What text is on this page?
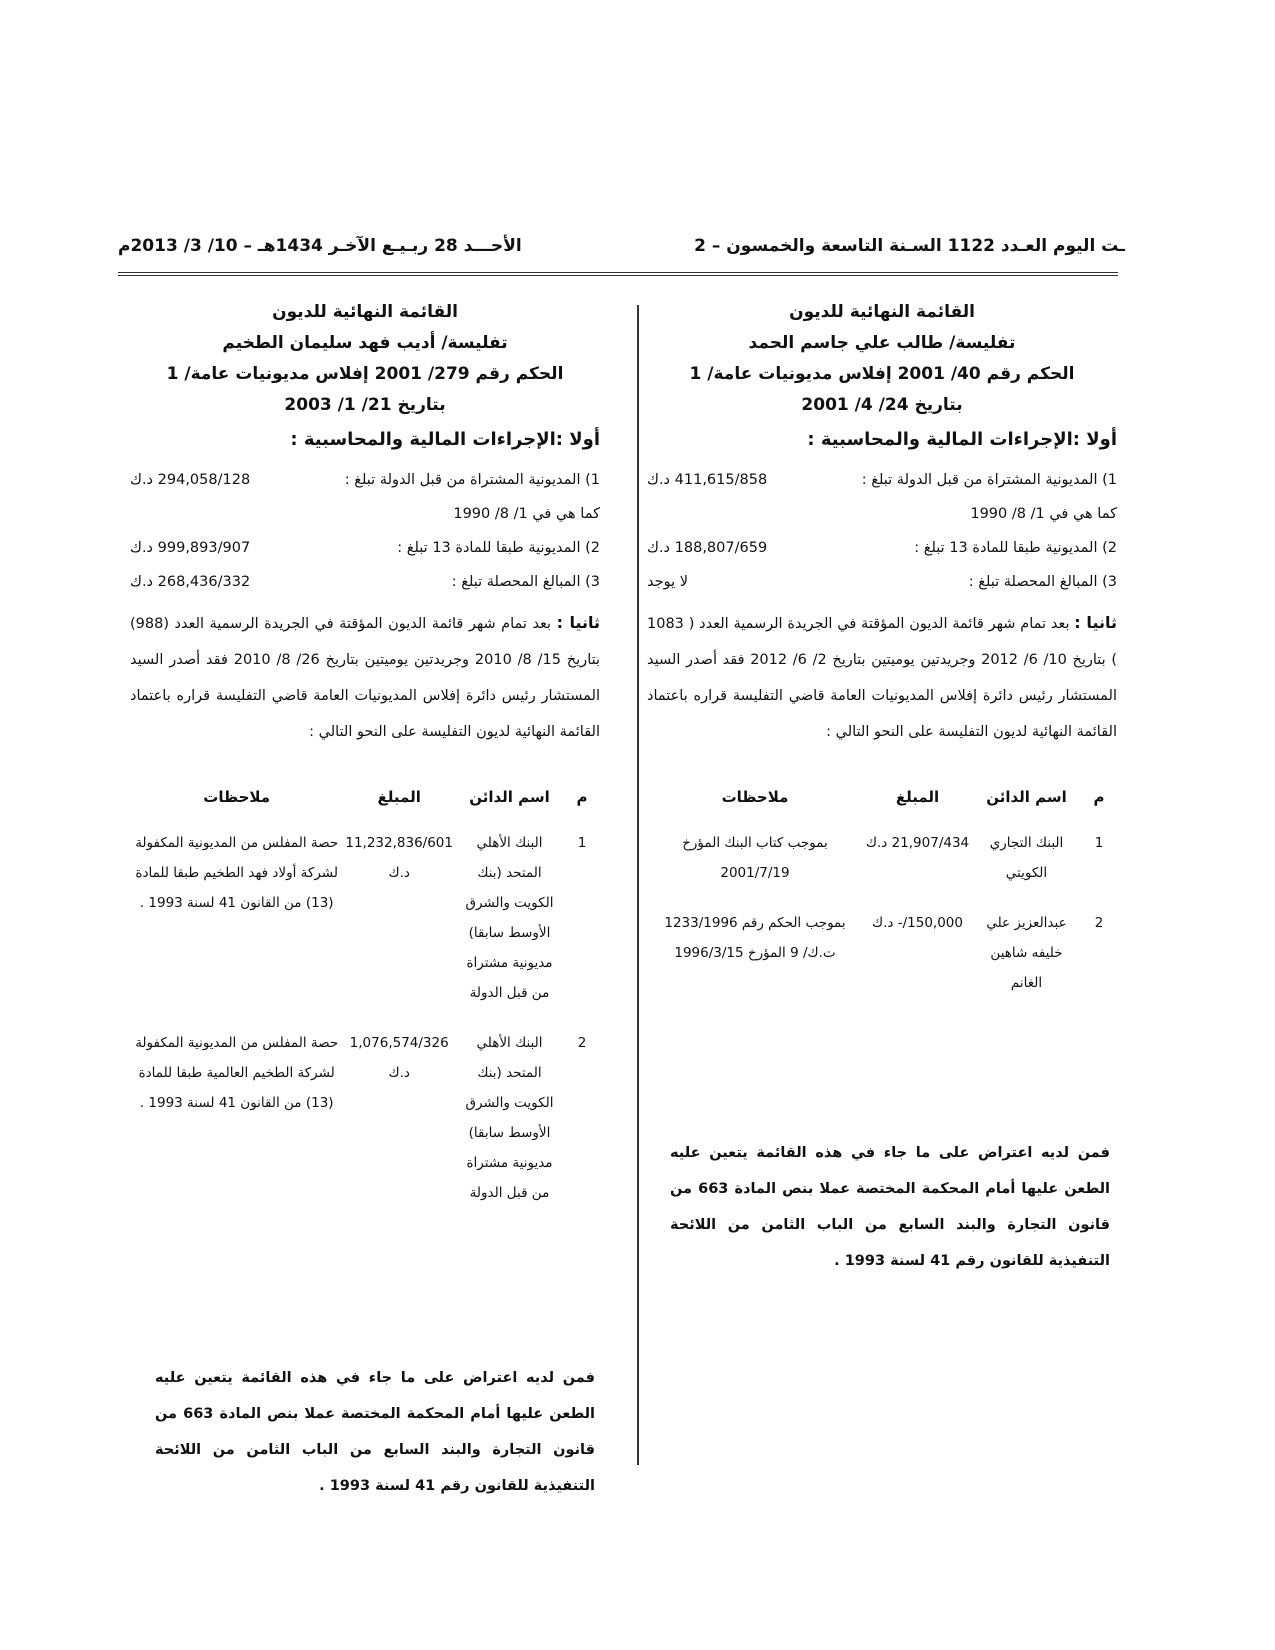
ـت اليوم العـدد 1122 السـنة التاسعة والخمسون – 2
الأحـــد 28 ربـيـع الآخـر 1434هـ – 10/ 3/ 2013م

القائمة النهائية للديون

تفليسة/ طالب علي جاسم الحمد

الحكم رقم 40/ 2001 إفلاس مديونيات عامة/ 1

بتاريخ 24/ 4/ 2001

أولا :الإجراءات المالية والمحاسبية :
1) المديونية المشتراة من قبل الدولة تبلغ :
411,615/858 د.ك
كما هي في 1/ 8/ 1990
2) المديونية طبقا للمادة 13 تبلغ :
188,807/659 د.ك
3) المبالغ المحصلة تبلغ :
لا يوجد
ثانيا : بعد تمام شهر قائمة الديون المؤقتة في الجريدة الرسمية العدد ( 1083 ) بتاريخ 10/ 6/ 2012 وجريدتين يوميتين بتاريخ 2/ 6/ 2012 فقد أصدر السيد المستشار رئيس دائرة إفلاس المديونيات العامة قاضي التفليسة قراره باعتماد القائمة النهائية لديون التفليسة على النحو التالي :
م	اسم الدائن	المبلغ	ملاحظات
1	البنك التجاري الكويتي	21,907/434 د.ك	بموجب كتاب البنك المؤرخ 2001/7/19
2	عبدالعزيز علي خليفه شاهين الغانم	150,000/- د.ك	بموجب الحكم رقم 1233/1996 ت.ك/ 9 المؤرخ 1996/3/15
فمن لديه اعتراض على ما جاء في هذه القائمة يتعين عليه الطعن عليها أمام المحكمة المختصة عملا بنص المادة 663 من قانون التجارة والبند السابع من الباب الثامن من اللائحة التنفيذية للقانون رقم 41 لسنة 1993 .

القائمة النهائية للديون

تفليسة/ أديب فهد سليمان الطخيم

الحكم رقم 279/ 2001 إفلاس مديونيات عامة/ 1

بتاريخ 21/ 1/ 2003

أولا :الإجراءات المالية والمحاسبية :
1) المديونية المشتراة من قبل الدولة تبلغ :
294,058/128 د.ك
كما هي في 1/ 8/ 1990
2) المديونية طبقا للمادة 13 تبلغ :
999,893/907 د.ك
3) المبالغ المحصلة تبلغ :
268,436/332 د.ك
ثانيا : بعد تمام شهر قائمة الديون المؤقتة في الجريدة الرسمية العدد (988) بتاريخ 15/ 8/ 2010 وجريدتين يوميتين بتاريخ 26/ 8/ 2010 فقد أصدر السيد المستشار رئيس دائرة إفلاس المديونيات العامة قاضي التفليسة قراره باعتماد القائمة النهائية لديون التفليسة على النحو التالي :
م	اسم الدائن	المبلغ	ملاحظات
1	البنك الأهلي المتحد (بنك الكويت والشرق الأوسط سابقا) مديونية مشتراة من قبل الدولة	11,232,836/601 د.ك	حصة المفلس من المديونية المكفولة لشركة أولاد فهد الطخيم طبقا للمادة (13) من القانون 41 لسنة 1993 .
2	البنك الأهلي المتحد (بنك الكويت والشرق الأوسط سابقا) مديونية مشتراة من قبل الدولة	1,076,574/326 د.ك	حصة المفلس من المديونية المكفولة لشركة الطخيم العالمية طبقا للمادة (13) من القانون 41 لسنة 1993 .
فمن لديه اعتراض على ما جاء في هذه القائمة يتعين عليه الطعن عليها أمام المحكمة المختصة عملا بنص المادة 663 من قانون التجارة والبند السابع من الباب الثامن من اللائحة التنفيذية للقانون رقم 41 لسنة 1993 .
